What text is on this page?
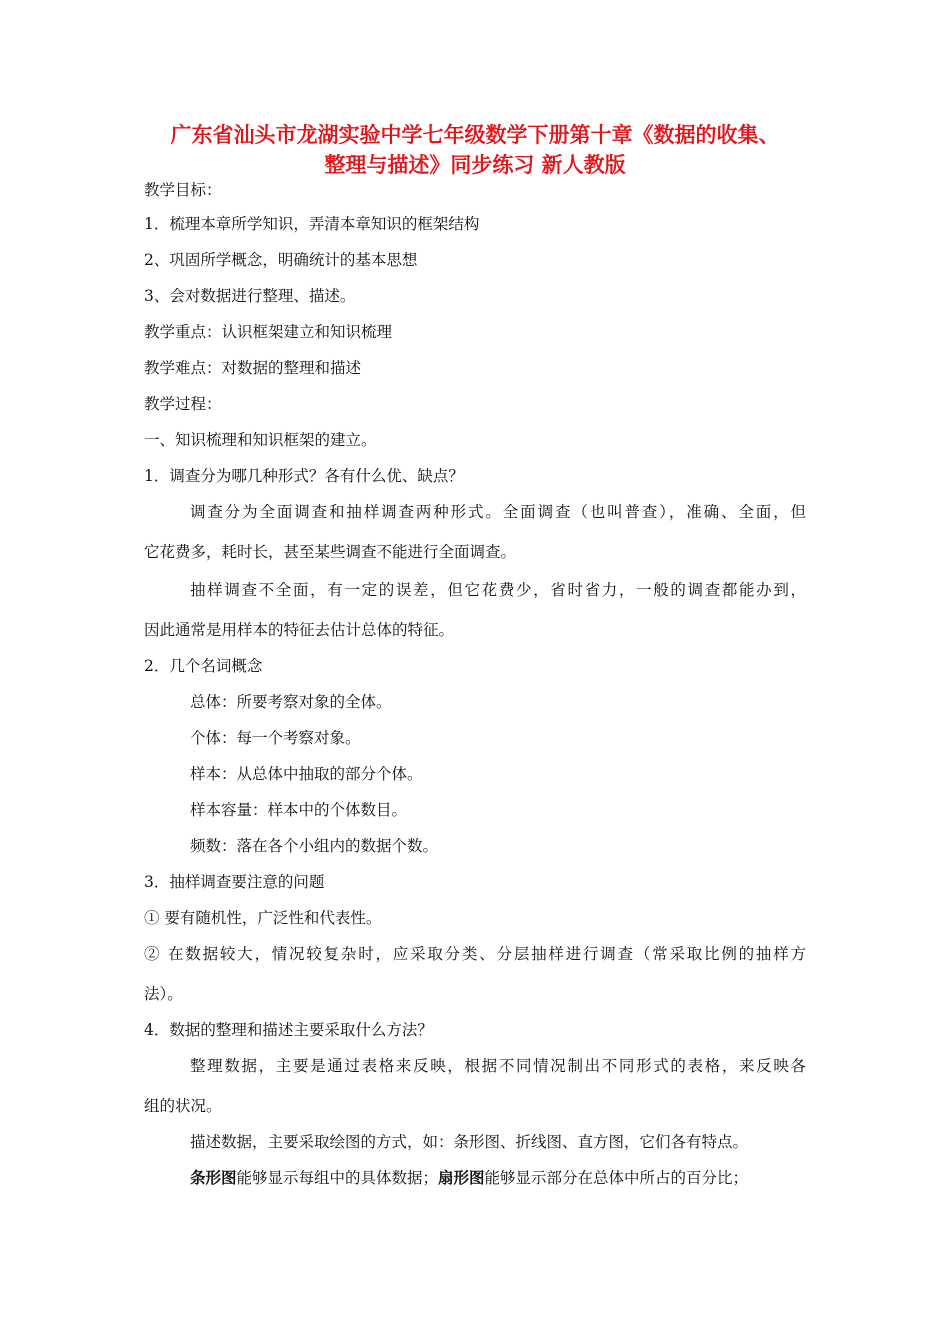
广东省汕头市龙湖实验中学七年级数学下册第十章《数据的收集、
整理与描述》同步练习 新人教版
教学目标：
1．梳理本章所学知识，弄清本章知识的框架结构
2、巩固所学概念，明确统计的基本思想
3、会对数据进行整理、描述。
教学重点：认识框架建立和知识梳理
教学难点：对数据的整理和描述
教学过程：
一、知识梳理和知识框架的建立。
1．调查分为哪几种形式？各有什么优、缺点？
调查分为全面调查和抽样调查两种形式。全面调查（也叫普查），准确、全面，但
它花费多，耗时长，甚至某些调查不能进行全面调查。
抽样调查不全面，有一定的误差，但它花费少，省时省力，一般的调查都能办到，
因此通常是用样本的特征去估计总体的特征。
2．几个名词概念
总体：所要考察对象的全体。
个体：每一个考察对象。
样本：从总体中抽取的部分个体。
样本容量：样本中的个体数目。
频数：落在各个小组内的数据个数。
3．抽样调查要注意的问题
① 要有随机性，广泛性和代表性。
② 在数据较大，情况较复杂时，应采取分类、分层抽样进行调查（常采取比例的抽样方
法）。
4．数据的整理和描述主要采取什么方法？
整理数据，主要是通过表格来反映，根据不同情况制出不同形式的表格，来反映各
组的状况。
描述数据，主要采取绘图的方式，如：条形图、折线图、直方图，它们各有特点。
条形图能够显示每组中的具体数据；扇形图能够显示部分在总体中所占的百分比；
